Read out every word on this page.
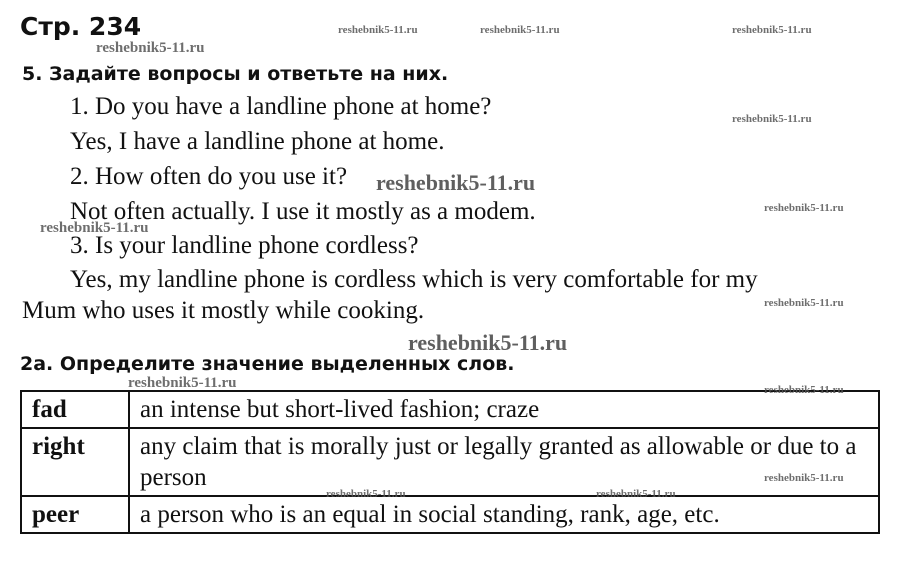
Стр. 234
5. Задайте вопросы и ответьте на них.
1. Do you have a landline phone at home?
Yes, I have a landline phone at home.
2. How often do you use it?
Not often actually. I use it mostly as a modem.
3. Is your landline phone cordless?
Yes, my landline phone is cordless which is very comfortable for my
Mum who uses it mostly while cooking.
2a. Определите значение выделенных слов.
fad	an intense but short-lived fashion; craze
right	any claim that is morally just or legally granted as allowable or due to a person
peer	a person who is an equal in social standing, rank, age, etc.
reshebnik5-11.ru	reshebnik5-11.ru	reshebnik5-11.ru
reshebnik5-11.ru
reshebnik5-11.ru
reshebnik5-11.ru
reshebnik5-11.ru
reshebnik5-11.ru
reshebnik5-11.ru
reshebnik5-11.ru
reshebnik5-11.ru	reshebnik5-11.ru
reshebnik5-11.ru
reshebnik5-11.ru	reshebnik5-11.ru
